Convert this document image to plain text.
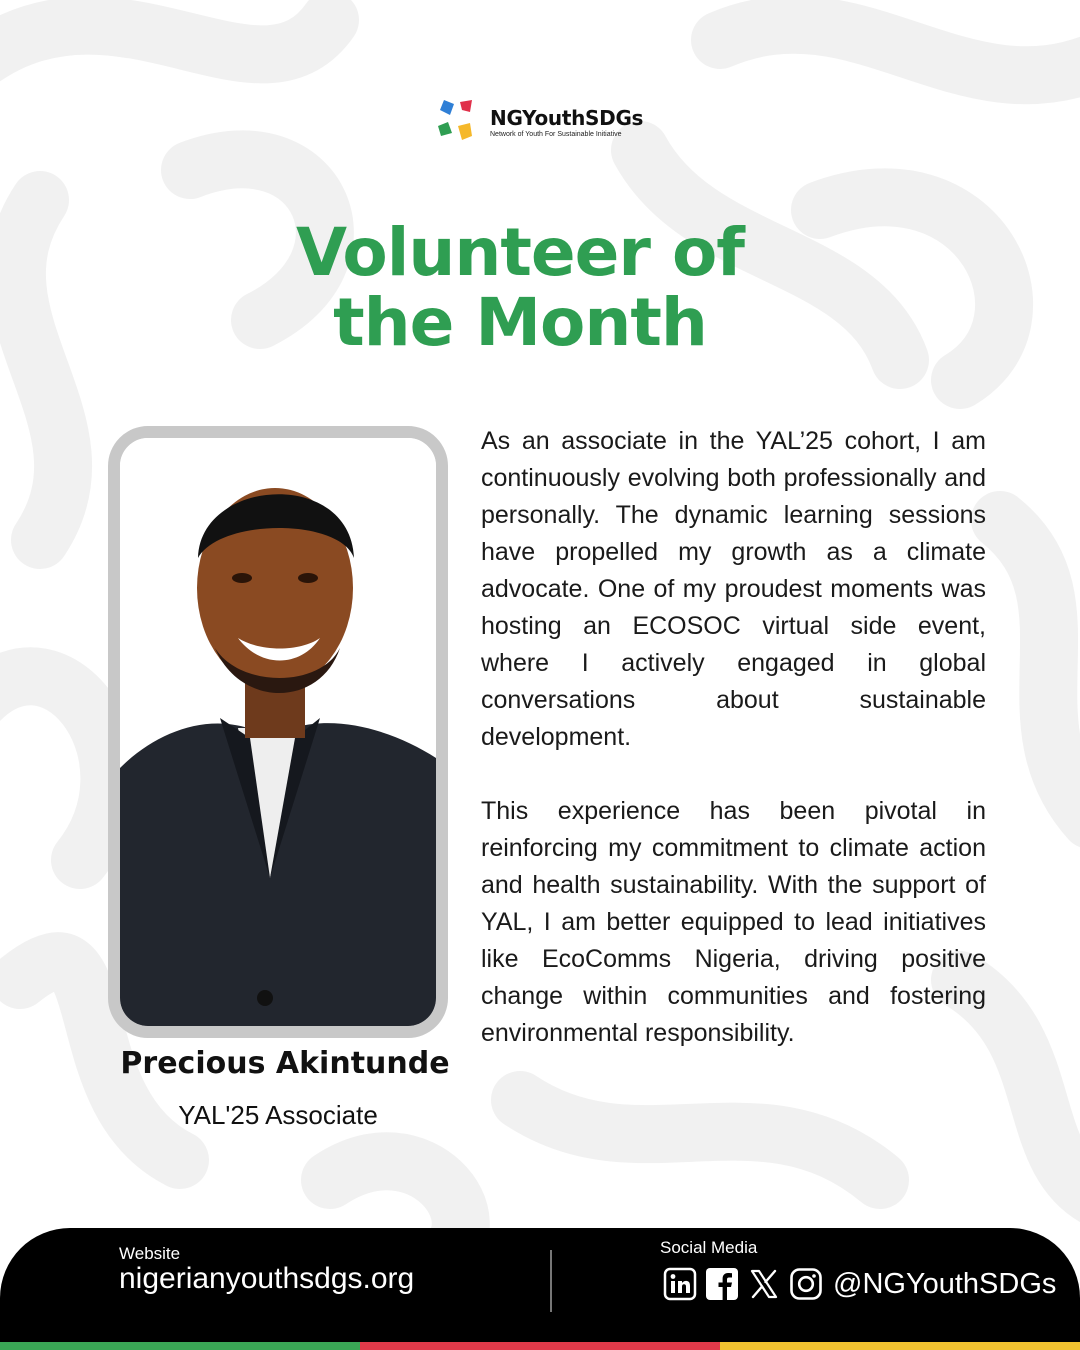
NGYouthSDGs
Network of Youth For Sustainable Initiative
Volunteer of
the Month
Precious Akintunde
YAL'25 Associate

As an associate in the YAL’25 cohort, I am continuously evolving both professionally and personally. The dynamic learning sessions have propelled my growth as a climate advocate. One of my proudest moments was hosting an ECOSOC virtual side event, where I actively engaged in global conversations about sustainable development.

This experience has been pivotal in reinforcing my commitment to climate action and health sustainability. With the support of YAL, I am better equipped to lead initiatives like EcoComms Nigeria, driving positive change within communities and fostering environmental responsibility.

Website
nigerianyouthsdgs.org
Social Media
@NGYouthSDGs
